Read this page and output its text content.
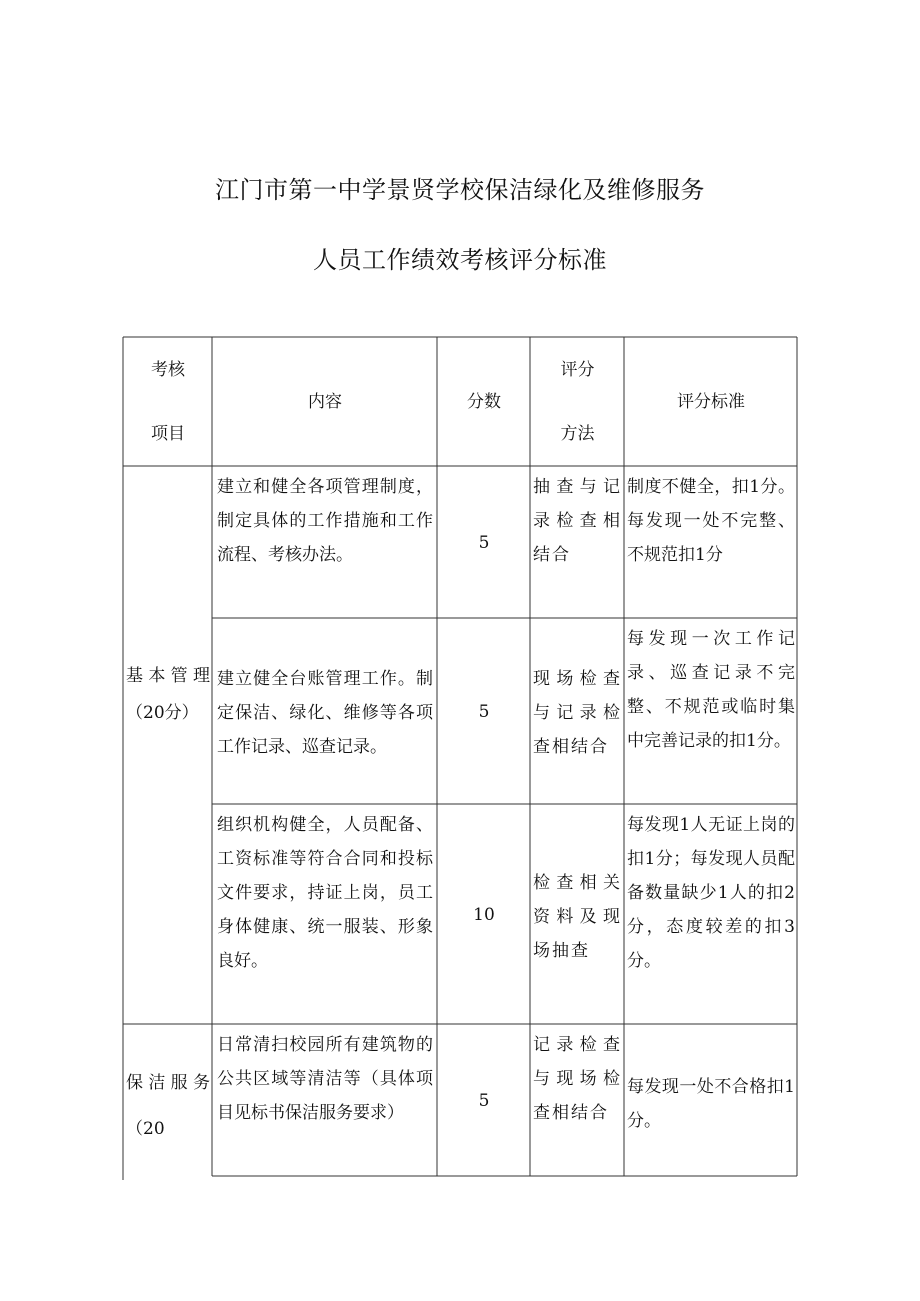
江门市第一中学景贤学校保洁绿化及维修服务
人员工作绩效考核评分标准
考核
项目
内容	分数
评分
方法
评分标准
基本管理（20分）
建立和健全各项管理制度，制定具体的工作措施和工作流程、考核办法。
5
抽查与记录检查相结合
制度不健全，扣1分。每发现一处不完整、不规范扣1分
建立健全台账管理工作。制定保洁、绿化、维修等各项工作记录、巡查记录。
5
现场检查与记录检查相结合
每发现一次工作记录、巡查记录不完整、不规范或临时集中完善记录的扣1分。
组织机构健全，人员配备、工资标准等符合合同和投标文件要求，持证上岗，员工身体健康、统一服装、形象良好。
10
检查相关资料及现场抽查
每发现1人无证上岗的扣1分；每发现人员配备数量缺少1人的扣2分，态度较差的扣3分。
保洁服务（20
日常清扫校园所有建筑物的公共区域等清洁等（具体项目见标书保洁服务要求）
5
记录检查与现场检查相结合
每发现一处不合格扣1分。
